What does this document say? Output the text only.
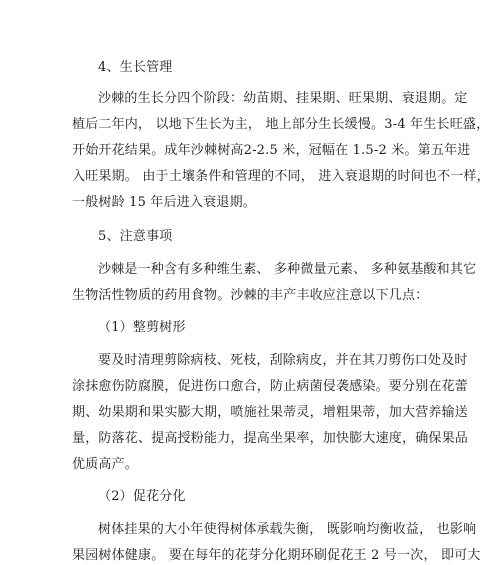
4、生长管理
沙棘的生长分四个阶段：幼苗期、挂果期、旺果期、衰退期。定
植后二年内， 以地下生长为主， 地上部分生长缓慢。3-4 年生长旺盛，
开始开花结果。成年沙棘树高2-2.5 米，冠幅在 1.5-2 米。第五年进
入旺果期。 由于土壤条件和管理的不同， 进入衰退期的时间也不一样，
一般树龄 15 年后进入衰退期。
5、注意事项
沙棘是一种含有多种维生素、 多种微量元素、 多种氨基酸和其它
生物活性物质的药用食物。沙棘的丰产丰收应注意以下几点：
（1）整剪树形
要及时清理剪除病枝、死枝，刮除病皮，并在其刀剪伤口处及时
涂抹愈伤防腐膜，促进伤口愈合，防止病菌侵袭感染。要分别在花蕾
期、幼果期和果实膨大期，喷施社果蒂灵，增粗果蒂，加大营养输送
量，防落花、提高授粉能力，提高坐果率，加快膨大速度，确保果品
优质高产。
（2）促花分化
树体挂果的大小年使得树体承载失衡， 既影响均衡收益， 也影响
果园树体健康。 要在每年的花芽分化期环刷促花王 2 号一次， 即可大
